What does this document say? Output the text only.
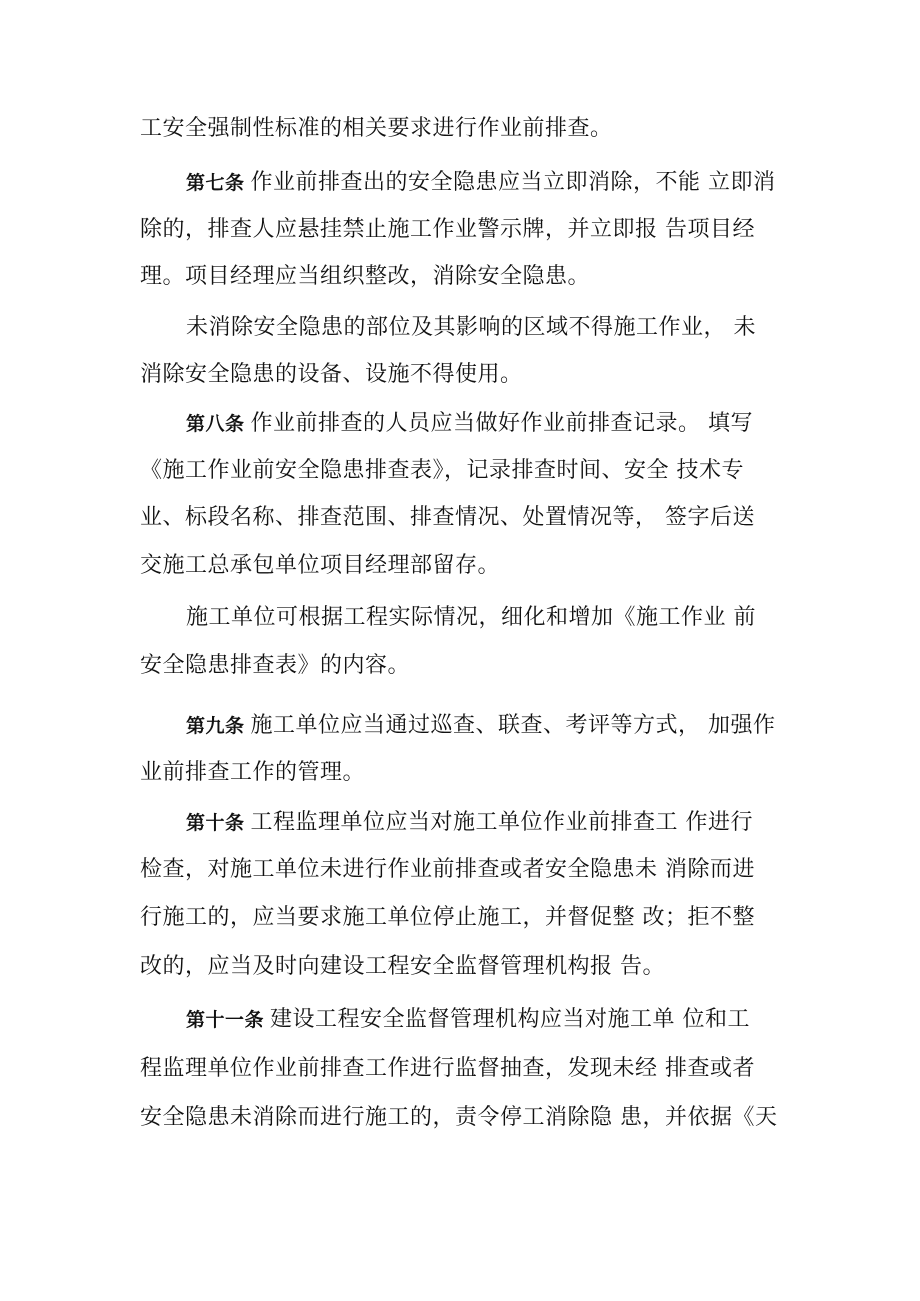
工安全强制性标准的相关要求进行作业前排查。
第七条 作业前排查出的安全隐患应当立即消除，不能 立即消
除的，排查人应悬挂禁止施工作业警示牌，并立即报 告项目经
理。项目经理应当组织整改，消除安全隐患。
未消除安全隐患的部位及其影响的区域不得施工作业， 未
消除安全隐患的设备、设施不得使用。
第八条 作业前排查的人员应当做好作业前排查记录。 填写
《施工作业前安全隐患排查表》，记录排查时间、安全 技术专
业、标段名称、排查范围、排查情况、处置情况等， 签字后送
交施工总承包单位项目经理部留存。
施工单位可根据工程实际情况，细化和增加《施工作业 前
安全隐患排查表》的内容。
第九条 施工单位应当通过巡查、联查、考评等方式， 加强作
业前排查工作的管理。
第十条 工程监理单位应当对施工单位作业前排查工 作进行
检查，对施工单位未进行作业前排查或者安全隐患未 消除而进
行施工的，应当要求施工单位停止施工，并督促整 改；拒不整
改的，应当及时向建设工程安全监督管理机构报 告。
第十一条 建设工程安全监督管理机构应当对施工单 位和工
程监理单位作业前排查工作进行监督抽查，发现未经 排查或者
安全隐患未消除而进行施工的，责令停工消除隐 患，并依据《天
